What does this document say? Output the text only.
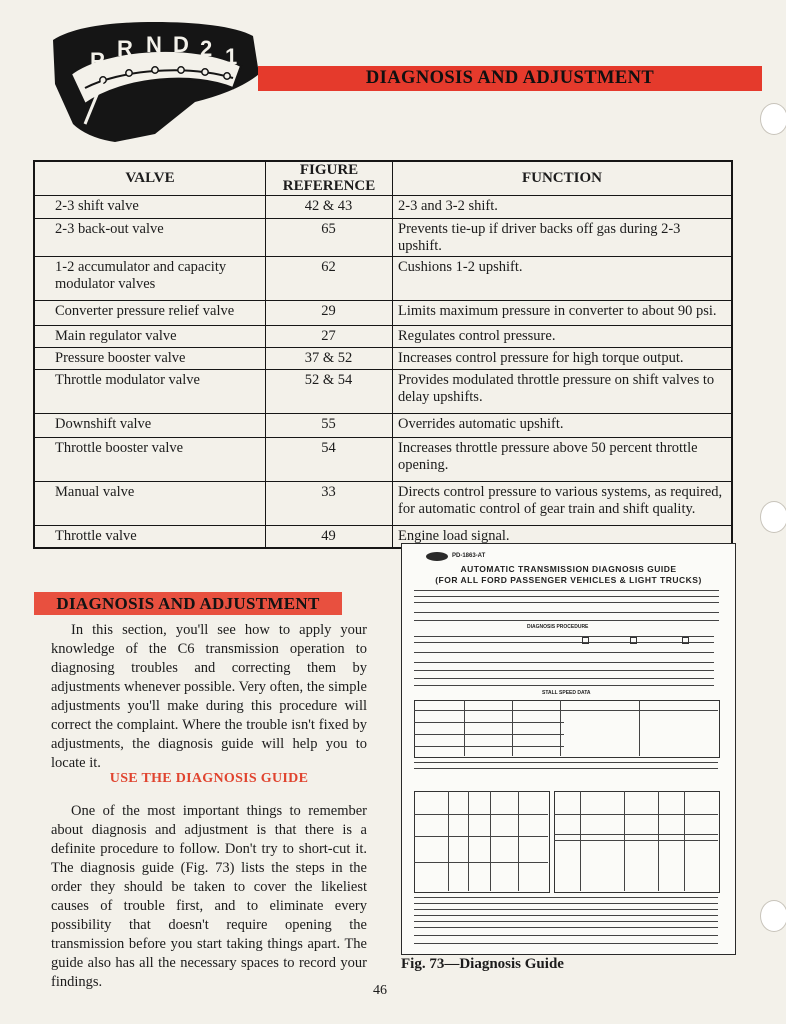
P R N D 2 1
DIAGNOSIS AND ADJUSTMENT
VALVE	FIGURE REFERENCE	FUNCTION
2-3 shift valve	42 & 43	2-3 and 3-2 shift.
2-3 back-out valve	65	Prevents tie-up if driver backs off gas during 2-3 upshift.
1-2 accumulator and capacity modulator valves	62	Cushions 1-2 upshift.
Converter pressure relief valve	29	Limits maximum pressure in converter to about 90 psi.
Main regulator valve	27	Regulates control pressure.
Pressure booster valve	37 & 52	Increases control pressure for high torque output.
Throttle modulator valve	52 & 54	Provides modulated throttle pressure on shift valves to delay upshifts.
Downshift valve	55	Overrides automatic upshift.
Throttle booster valve	54	Increases throttle pressure above 50 percent throttle opening.
Manual valve	33	Directs control pressure to various systems, as required, for automatic control of gear train and shift quality.
Throttle valve	49	Engine load signal.
DIAGNOSIS AND ADJUSTMENT

In this section, you'll see how to apply your knowledge of the C6 transmission operation to diagnosing troubles and correcting them by adjustments whenever possible. Very often, the simple adjustments you'll make during this procedure will correct the complaint. Where the trouble isn't fixed by adjustments, the diagnosis guide will help you to locate it.

USE THE DIAGNOSIS GUIDE

One of the most important things to remember about diagnosis and adjustment is that there is a definite procedure to follow. Don't try to short-cut it. The diagnosis guide (Fig. 73) lists the steps in the order they should be taken to cover the likeliest causes of trouble first, and to eliminate every possibility that doesn't require opening the transmission before you start taking things apart. The guide also has all the necessary spaces to record your findings.

PD-1863-AT
AUTOMATIC TRANSMISSION DIAGNOSIS GUIDE
(FOR ALL FORD PASSENGER VEHICLES & LIGHT TRUCKS)
DIAGNOSIS PROCEDURE
STALL SPEED DATA
Fig. 73—Diagnosis Guide
46
